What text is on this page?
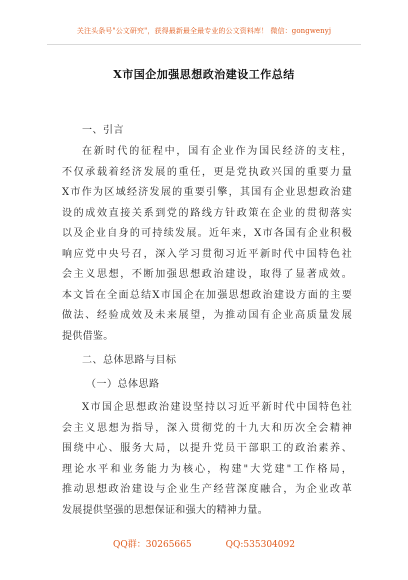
关注头条号"公文研究"，获得最新最全最专业的公文资料库！ 微信：gongwenyj
X市国企加强思想政治建设工作总结
一、引言
在新时代的征程中，国有企业作为国民经济的支柱，
不仅承载着经济发展的重任，更是党执政兴国的重要力量
X市作为区域经济发展的重要引擎，其国有企业思想政治建
设的成效直接关系到党的路线方针政策在企业的贯彻落实
以及企业自身的可持续发展。近年来，X市各国有企业积极
响应党中央号召，深入学习贯彻习近平新时代中国特色社
会主义思想，不断加强思想政治建设，取得了显著成效。
本文旨在全面总结X市国企在加强思想政治建设方面的主要
做法、经验成效及未来展望，为推动国有企业高质量发展
提供借鉴。
二、总体思路与目标
（一）总体思路
X市国企思想政治建设坚持以习近平新时代中国特色社
会主义思想为指导，深入贯彻党的十九大和历次全会精神
围绕中心、服务大局，以提升党员干部职工的政治素养、
理论水平和业务能力为核心，构建"大党建"工作格局，
推动思想政治建设与企业生产经营深度融合，为企业改革
发展提供坚强的思想保证和强大的精神力量。
QQ群：30265665	QQ:535304092
